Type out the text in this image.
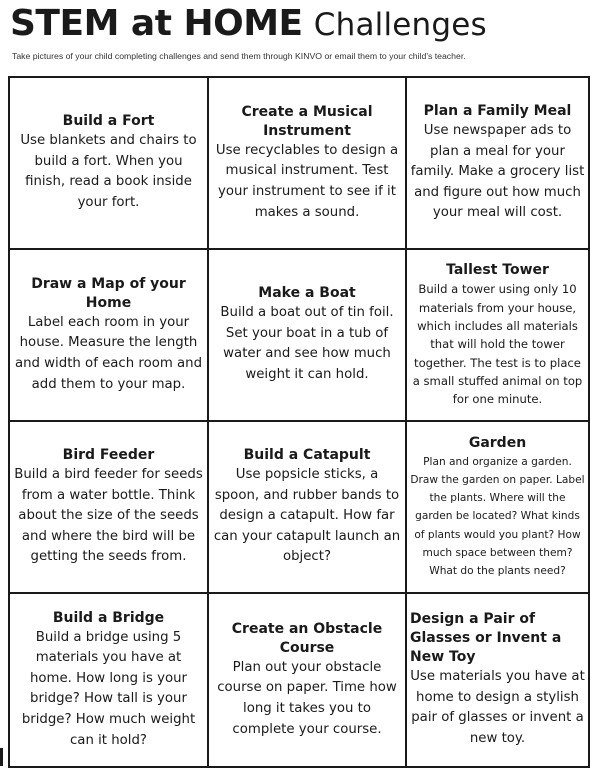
STEM at HOME Challenges
Take pictures of your child completing challenges and send them through KINVO or email them to your child's teacher.

Build a Fort

Use blankets and chairs to build a fort. When you finish, read a book inside your fort.

Create a Musical Instrument

Use recyclables to design a musical instrument. Test your instrument to see if it makes a sound.

Plan a Family Meal

Use newspaper ads to plan a meal for your family. Make a grocery list and figure out how much your meal will cost.

Draw a Map of your Home

Label each room in your house. Measure the length and width of each room and add them to your map.

Make a Boat

Build a boat out of tin foil. Set your boat in a tub of water and see how much weight it can hold.

Tallest Tower

Build a tower using only 10 materials from your house, which includes all materials that will hold the tower together. The test is to place a small stuffed animal on top for one minute.

Bird Feeder

Build a bird feeder for seeds from a water bottle. Think about the size of the seeds and where the bird will be getting the seeds from.

Build a Catapult

Use popsicle sticks, a spoon, and rubber bands to design a catapult. How far can your catapult launch an object?

Garden

Plan and organize a garden. Draw the garden on paper. Label the plants. Where will the garden be located? What kinds of plants would you plant? How much space between them? What do the plants need?

Build a Bridge

Build a bridge using 5 materials you have at home. How long is your bridge? How tall is your bridge? How much weight can it hold?

Create an Obstacle Course

Plan out your obstacle course on paper. Time how long it takes you to complete your course.

Design a Pair of Glasses or Invent a New Toy

Use materials you have at home to design a stylish pair of glasses or invent a new toy.
